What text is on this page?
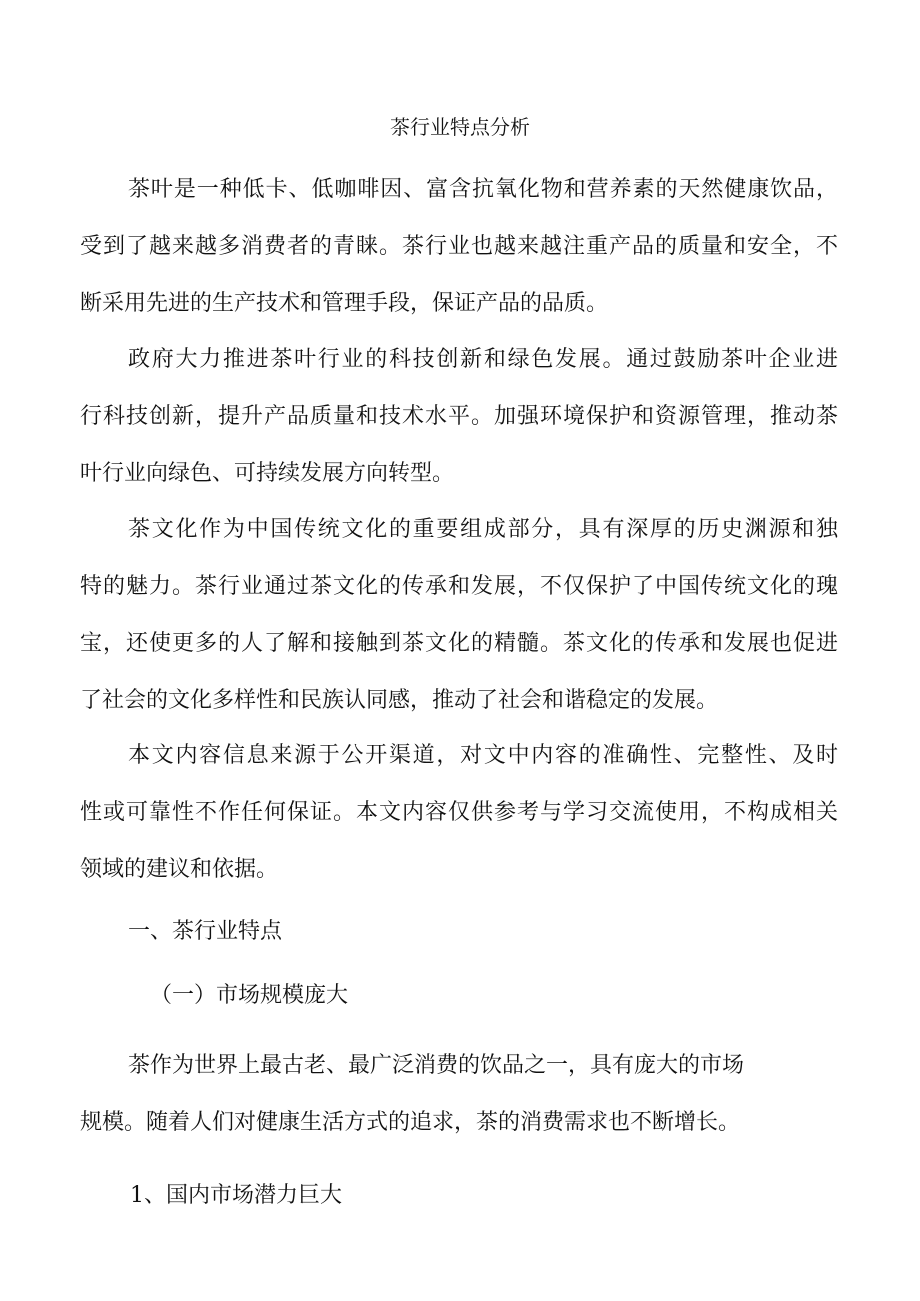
茶行业特点分析
茶叶是一种低卡、低咖啡因、富含抗氧化物和营养素的天然健康饮品，
受到了越来越多消费者的青睐。茶行业也越来越注重产品的质量和安全，不
断采用先进的生产技术和管理手段，保证产品的品质。
政府大力推进茶叶行业的科技创新和绿色发展。通过鼓励茶叶企业进
行科技创新，提升产品质量和技术水平。加强环境保护和资源管理，推动茶
叶行业向绿色、可持续发展方向转型。
茶文化作为中国传统文化的重要组成部分，具有深厚的历史渊源和独
特的魅力。茶行业通过茶文化的传承和发展，不仅保护了中国传统文化的瑰
宝，还使更多的人了解和接触到茶文化的精髓。茶文化的传承和发展也促进
了社会的文化多样性和民族认同感，推动了社会和谐稳定的发展。
本文内容信息来源于公开渠道，对文中内容的准确性、完整性、及时
性或可靠性不作任何保证。本文内容仅供参考与学习交流使用，不构成相关
领域的建议和依据。
一、茶行业特点
（一）市场规模庞大
茶作为世界上最古老、最广泛消费的饮品之一，具有庞大的市场
规模。随着人们对健康生活方式的追求，茶的消费需求也不断增长。
1、国内市场潜力巨大
